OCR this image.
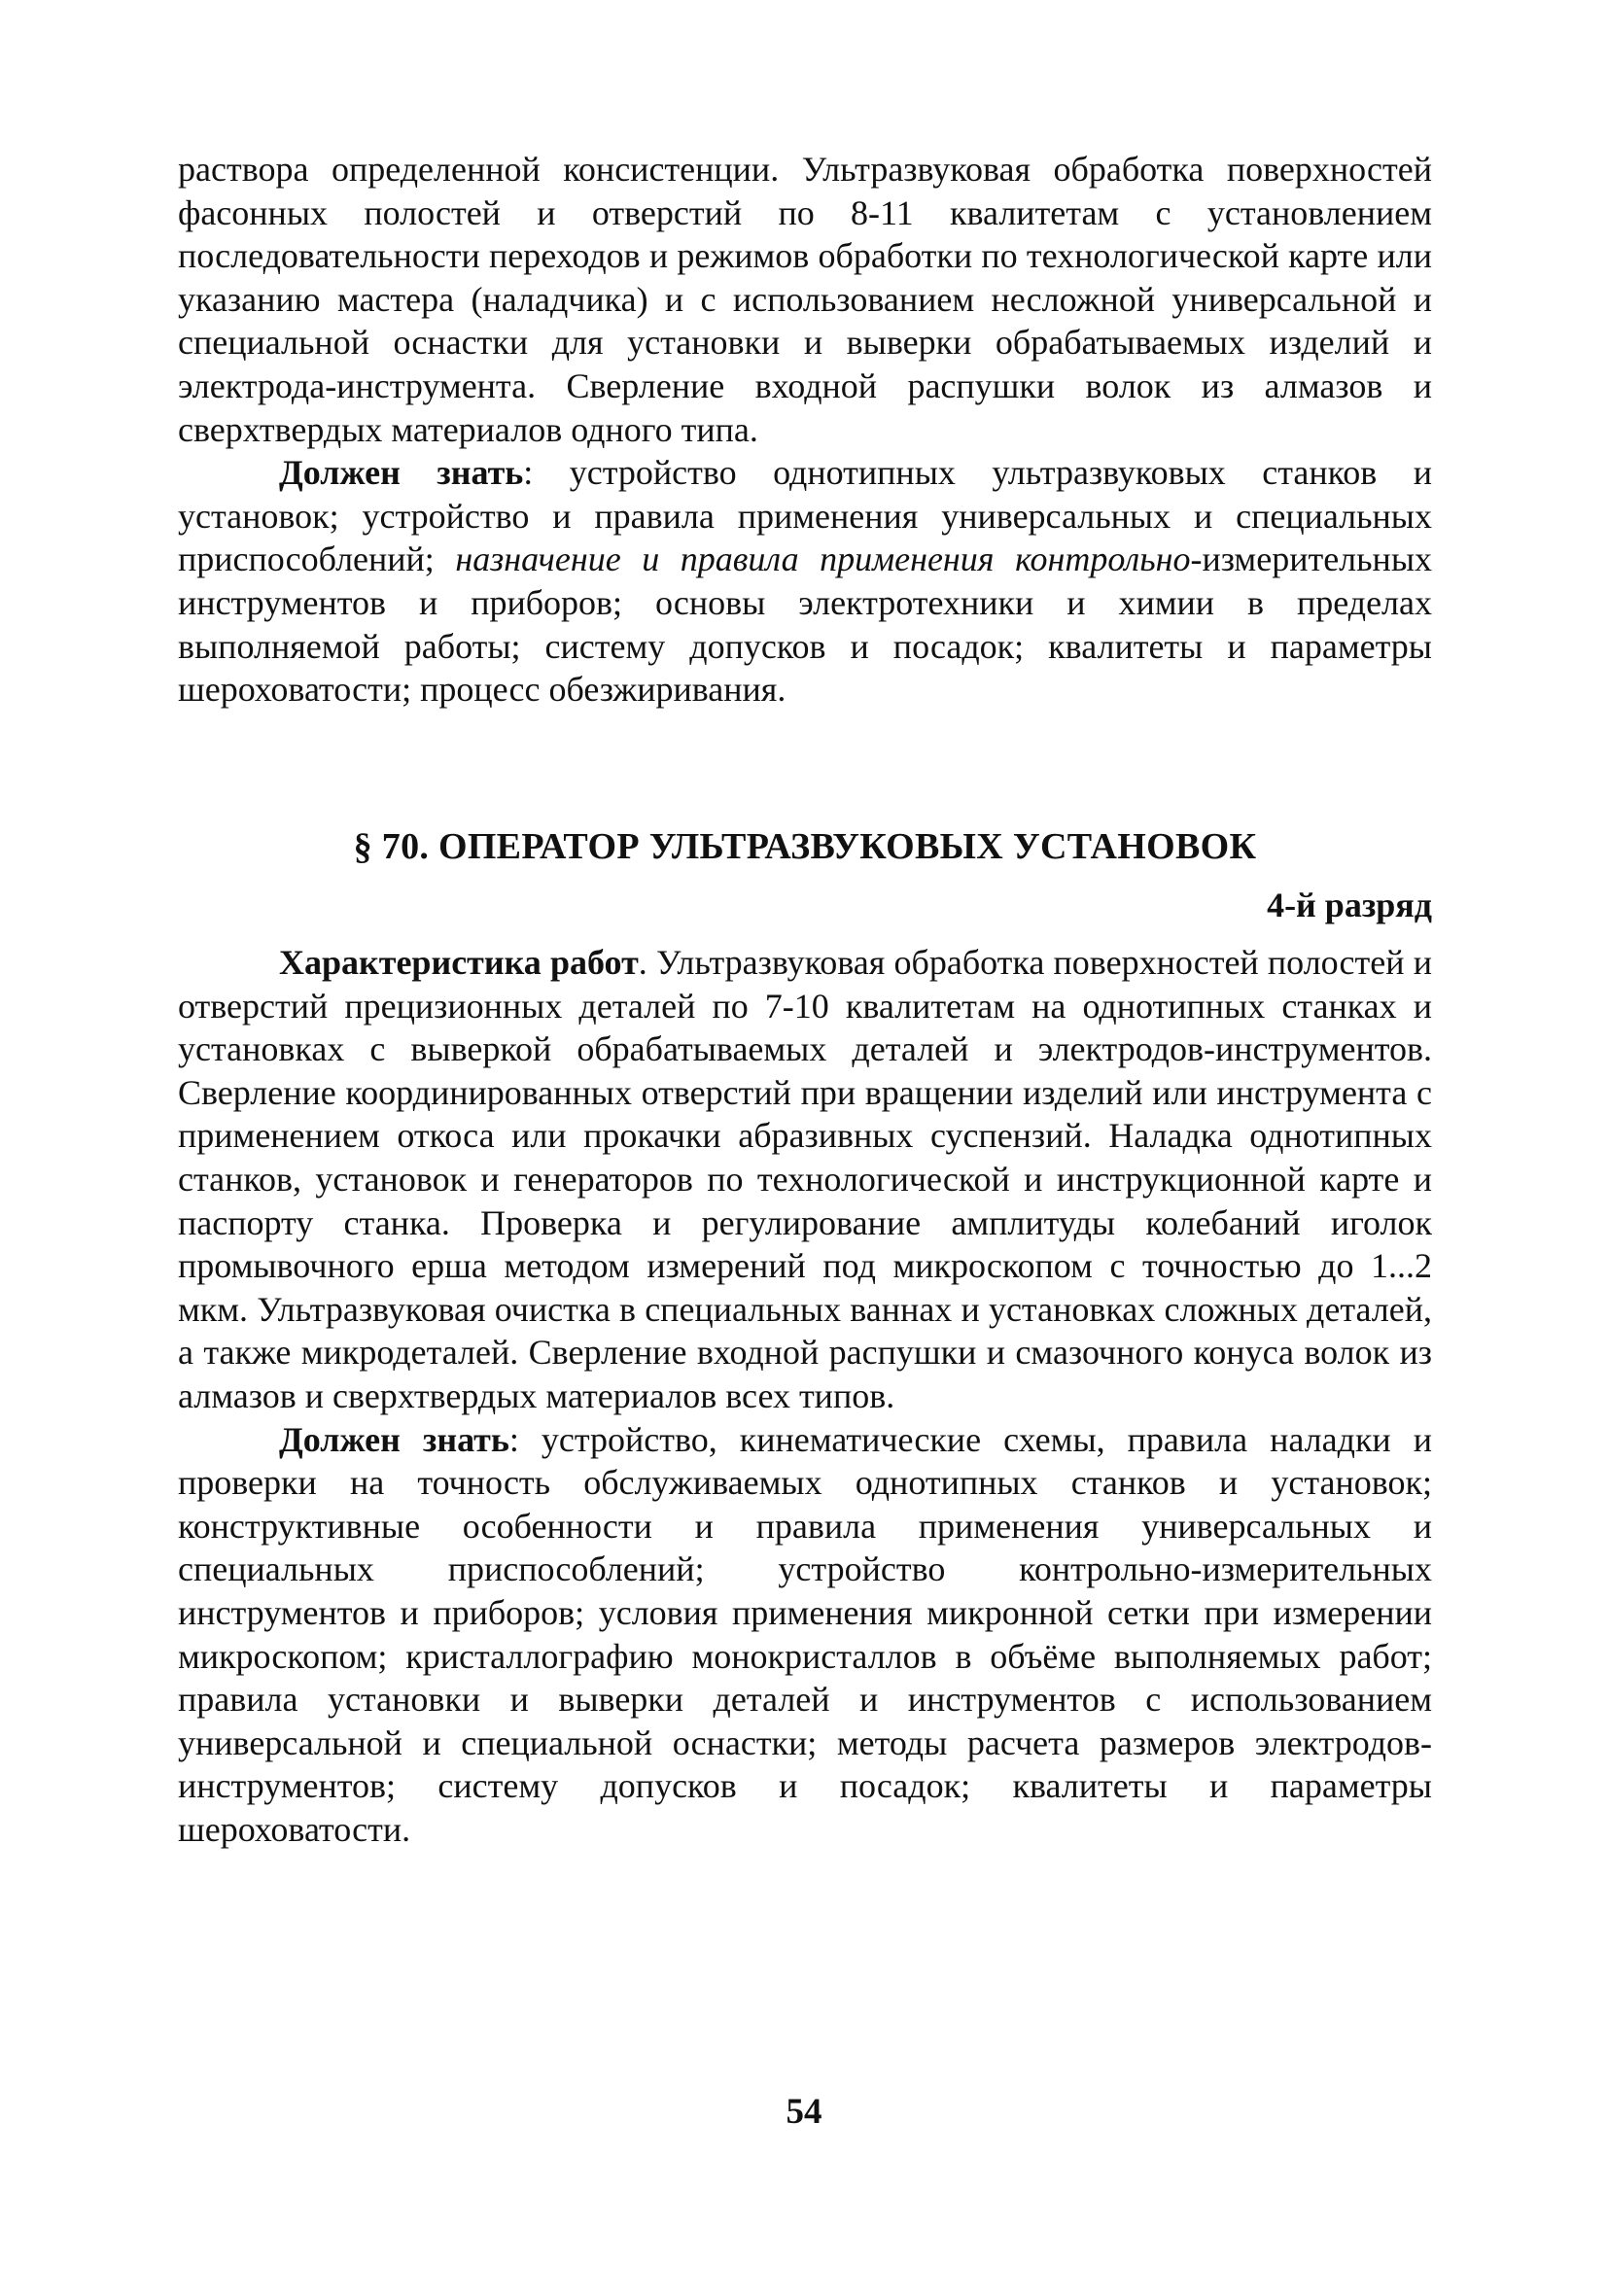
раствора определенной консистенции. Ультразвуковая обработка поверхностей фасонных полостей и отверстий по 8-11 квалитетам с установлением последовательности переходов и режимов обработки по технологической карте или указанию мастера (наладчика) и с использованием несложной универсальной и специальной оснастки для установки и выверки обрабатываемых изделий и электрода-инструмента. Сверление входной распушки волок из алмазов и сверхтвердых материалов одного типа.

Должен знать: устройство однотипных ультразвуковых станков и установок; устройство и правила применения универсальных и специальных приспособлений; назначение и правила применения контрольно-измерительных инструментов и приборов; основы электротехники и химии в пределах выполняемой работы; систему допусков и посадок; квалитеты и параметры шероховатости; процесс обезжиривания.

§ 70. ОПЕРАТОР УЛЬТРАЗВУКОВЫХ УСТАНОВОК
4-й разряд

Характеристика работ. Ультразвуковая обработка поверхностей полостей и отверстий прецизионных деталей по 7-10 квалитетам на однотипных станках и установках с выверкой обрабатываемых деталей и электродов-инструментов. Сверление координированных отверстий при вращении изделий или инструмента с применением откоса или прокачки абразивных суспензий. Наладка однотипных станков, установок и генераторов по технологической и инструкционной карте и паспорту станка. Проверка и регулирование амплитуды колебаний иголок промывочного ерша методом измерений под микроскопом с точностью до 1...2 мкм. Ультразвуковая очистка в специальных ваннах и установках сложных деталей, а также микродеталей. Сверление входной распушки и смазочного конуса волок из алмазов и сверхтвердых материалов всех типов.

Должен знать: устройство, кинематические схемы, правила наладки и проверки на точность обслуживаемых однотипных станков и установок; конструктивные особенности и правила применения универсальных и специальных приспособлений; устройство контрольно-измерительных инструментов и приборов; условия применения микронной сетки при измерении микроскопом; кристаллографию монокристаллов в объёме выполняемых работ; правила установки и выверки деталей и инструментов с использованием универсальной и специальной оснастки; методы расчета размеров электродов-инструментов; систему допусков и посадок; квалитеты и параметры шероховатости.

54
